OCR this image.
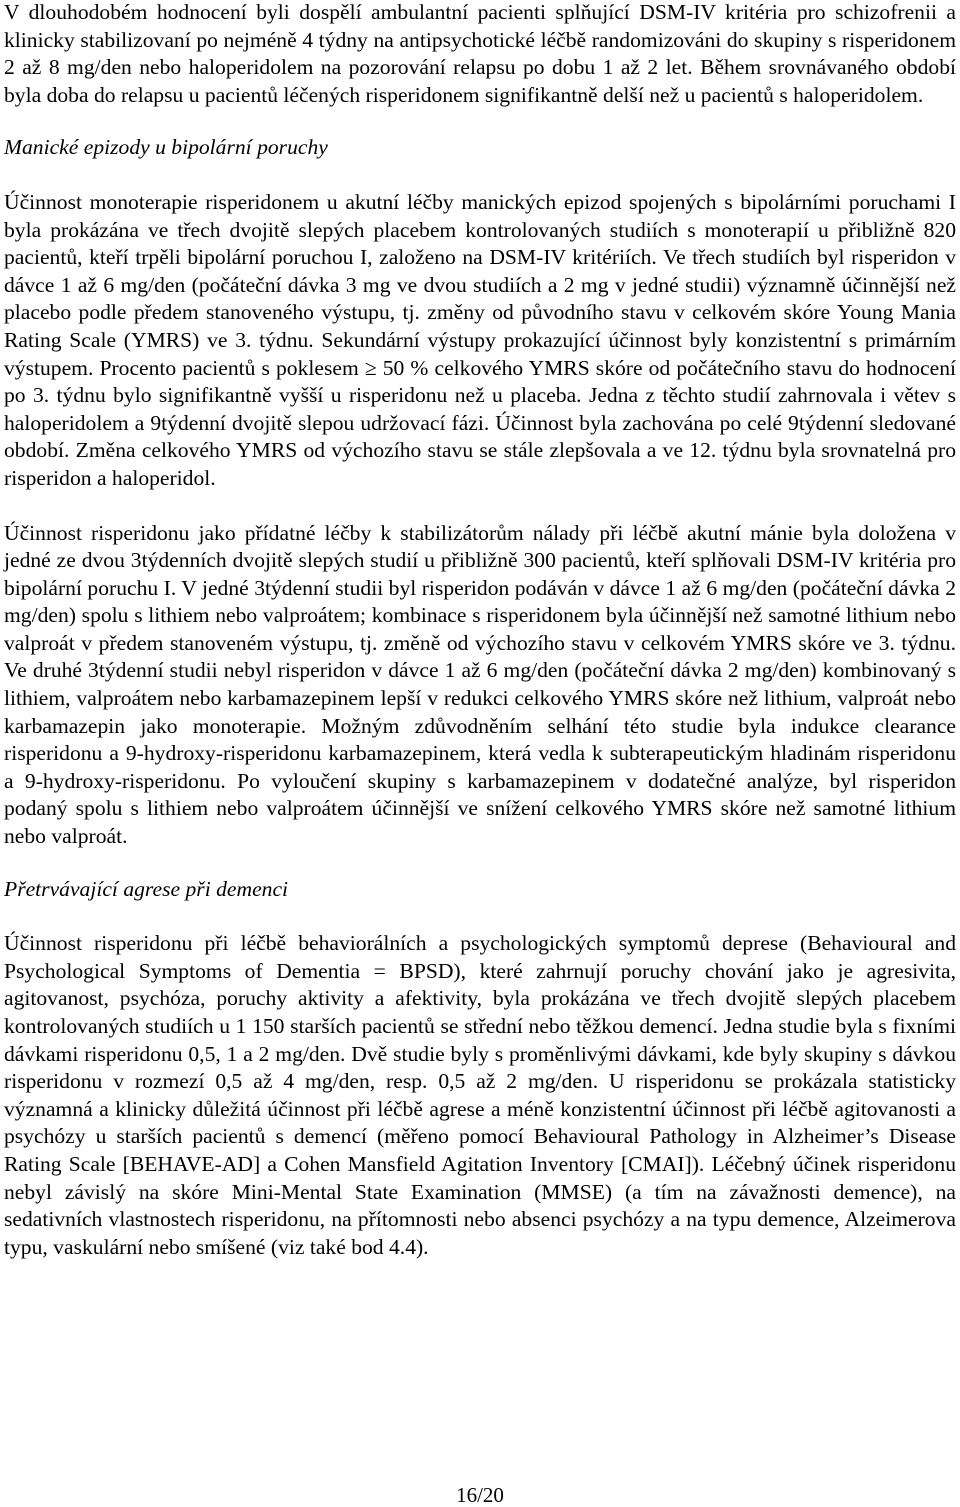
V dlouhodobém hodnocení byli dospělí ambulantní pacienti splňující DSM-IV kritéria pro schizofrenii a klinicky stabilizovaní po nejméně 4 týdny na antipsychotické léčbě randomizováni do skupiny s risperidonem 2 až 8 mg/den nebo haloperidolem na pozorování relapsu po dobu 1 až 2 let. Během srovnávaného období byla doba do relapsu u pacientů léčených risperidonem signifikantně delší než u pacientů s haloperidolem.

Manické epizody u bipolární poruchy

Účinnost monoterapie risperidonem u akutní léčby manických epizod spojených s bipolárními poruchami I byla prokázána ve třech dvojitě slepých placebem kontrolovaných studiích s monoterapií u přibližně 820 pacientů, kteří trpěli bipolární poruchou I, založeno na DSM-IV kritériích. Ve třech studiích byl risperidon v dávce 1 až 6 mg/den (počáteční dávka 3 mg ve dvou studiích a 2 mg v jedné studii) významně účinnější než placebo podle předem stanoveného výstupu, tj. změny od původního stavu v celkovém skóre Young Mania Rating Scale (YMRS) ve 3. týdnu. Sekundární výstupy prokazující účinnost byly konzistentní s primárním výstupem. Procento pacientů s poklesem ≥ 50 % celkového YMRS skóre od počátečního stavu do hodnocení po 3. týdnu bylo signifikantně vyšší u risperidonu než u placeba. Jedna z těchto studií zahrnovala i větev s haloperidolem a 9týdenní dvojitě slepou udržovací fázi. Účinnost byla zachována po celé 9týdenní sledované období. Změna celkového YMRS od výchozího stavu se stále zlepšovala a ve 12. týdnu byla srovnatelná pro risperidon a haloperidol.

Účinnost risperidonu jako přídatné léčby k stabilizátorům nálady při léčbě akutní mánie byla doložena v jedné ze dvou 3týdenních dvojitě slepých studií u přibližně 300 pacientů, kteří splňovali DSM-IV kritéria pro bipolární poruchu I. V jedné 3týdenní studii byl risperidon podáván v dávce 1 až 6 mg/den (počáteční dávka 2 mg/den) spolu s lithiem nebo valproátem; kombinace s risperidonem byla účinnější než samotné lithium nebo valproát v předem stanoveném výstupu, tj. změně od výchozího stavu v celkovém YMRS skóre ve 3. týdnu. Ve druhé 3týdenní studii nebyl risperidon v dávce 1 až 6 mg/den (počáteční dávka 2 mg/den) kombinovaný s lithiem, valproátem nebo karbamazepinem lepší v redukci celkového YMRS skóre než lithium, valproát nebo karbamazepin jako monoterapie. Možným zdůvodněním selhání této studie byla indukce clearance risperidonu a 9-hydroxy-risperidonu karbamazepinem, která vedla k subterapeutickým hladinám risperidonu a 9-hydroxy-risperidonu. Po vyloučení skupiny s karbamazepinem v dodatečné analýze, byl risperidon podaný spolu s lithiem nebo valproátem účinnější ve snížení celkového YMRS skóre než samotné lithium nebo valproát.

Přetrvávající agrese při demenci

Účinnost risperidonu při léčbě behaviorálních a psychologických symptomů deprese (Behavioural and Psychological Symptoms of Dementia = BPSD), které zahrnují poruchy chování jako je agresivita, agitovanost, psychóza, poruchy aktivity a afektivity, byla prokázána ve třech dvojitě slepých placebem kontrolovaných studiích u 1 150 starších pacientů se střední nebo těžkou demencí. Jedna studie byla s fixními dávkami risperidonu 0,5, 1 a 2 mg/den. Dvě studie byly s proměnlivými dávkami, kde byly skupiny s dávkou risperidonu v rozmezí 0,5 až 4 mg/den, resp. 0,5 až 2 mg/den. U risperidonu se prokázala statisticky významná a klinicky důležitá účinnost při léčbě agrese a méně konzistentní účinnost při léčbě agitovanosti a psychózy u starších pacientů s demencí (měřeno pomocí Behavioural Pathology in Alzheimer’s Disease Rating Scale [BEHAVE-AD] a Cohen Mansfield Agitation Inventory [CMAI]). Léčebný účinek risperidonu nebyl závislý na skóre Mini-Mental State Examination (MMSE) (a tím na závažnosti demence), na sedativních vlastnostech risperidonu, na přítomnosti nebo absenci psychózy a na typu demence, Alzeimerova typu, vaskulární nebo smíšené (viz také bod 4.4).

16/20
